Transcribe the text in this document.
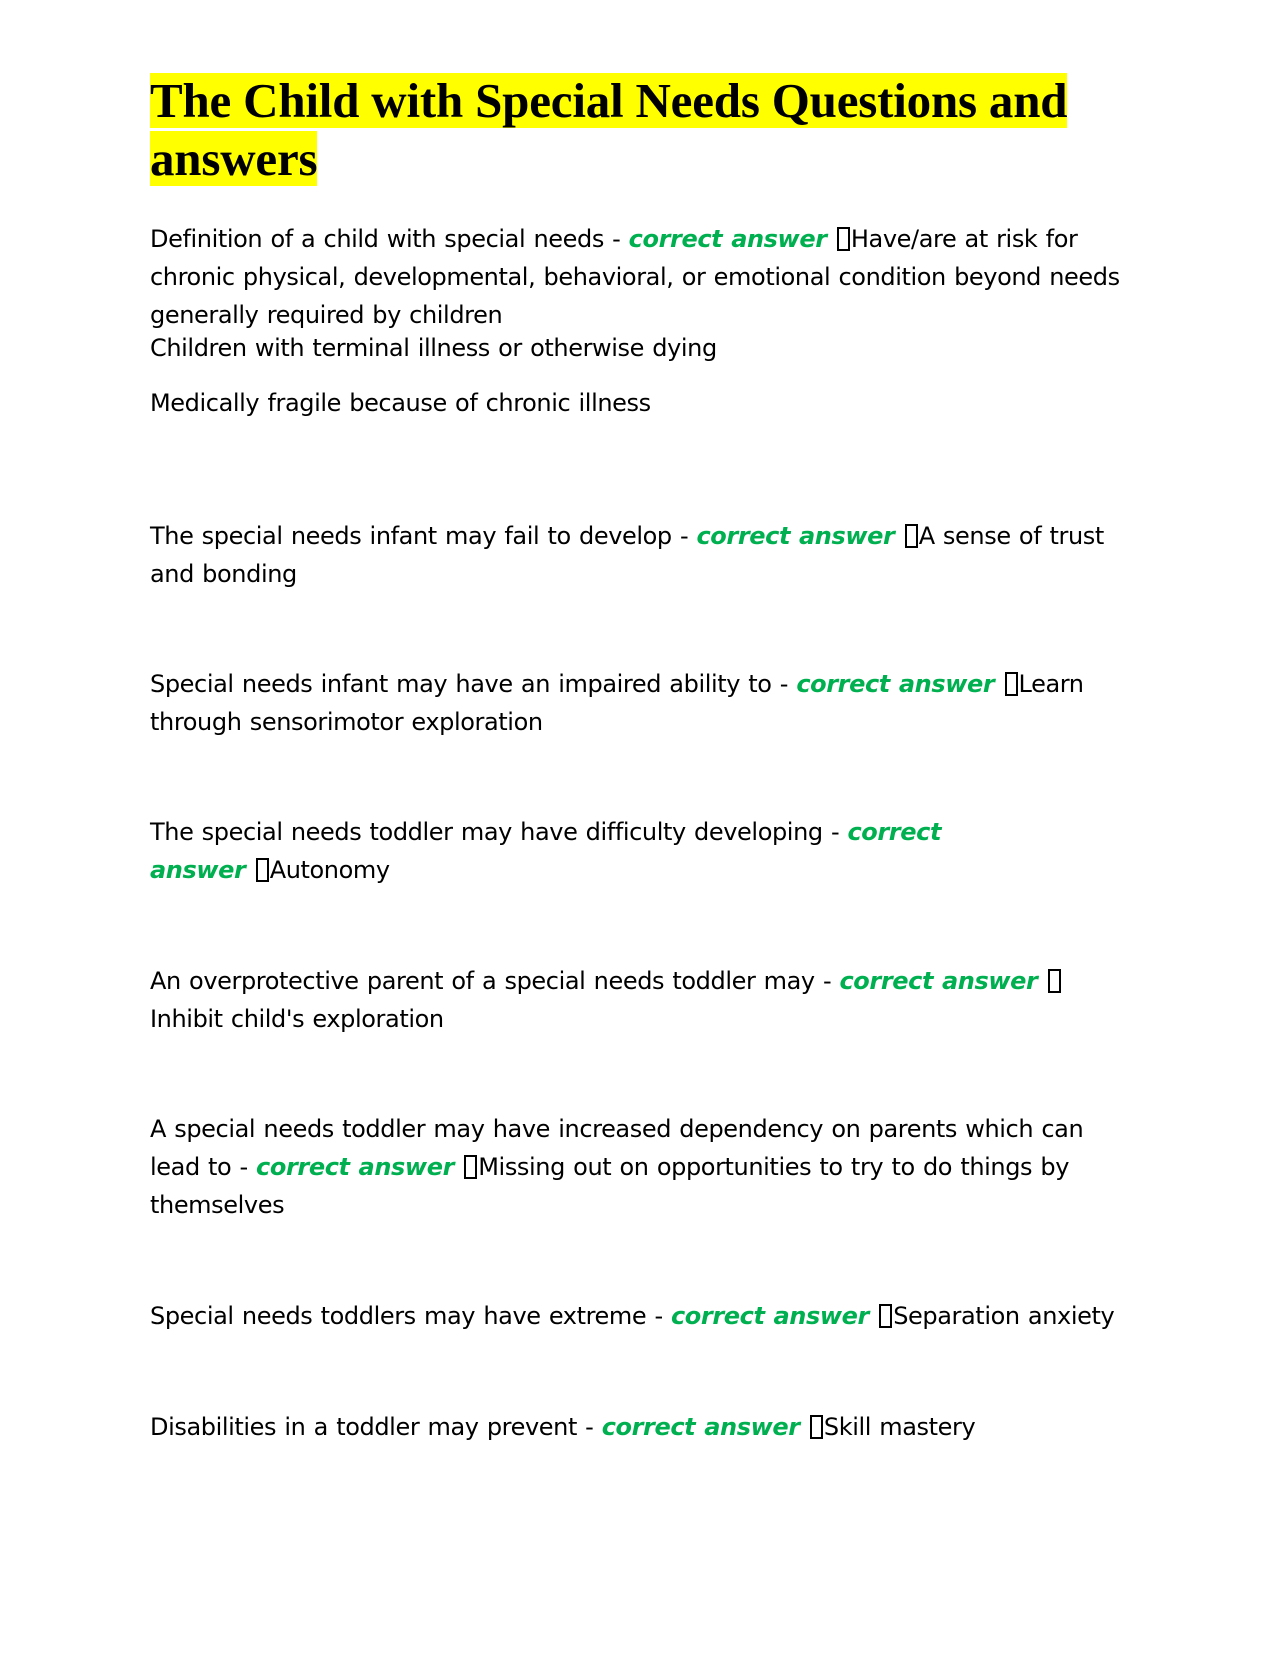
The Child with Special Needs Questions and answers

Definition of a child with special needs - correct answer Have/are at risk for chronic physical, developmental, behavioral, or emotional condition beyond needs generally required by children

Children with terminal illness or otherwise dying

Medically fragile because of chronic illness

The special needs infant may fail to develop - correct answer A sense of trust and bonding

Special needs infant may have an impaired ability to - correct answer Learn through sensorimotor exploration

The special needs toddler may have difficulty developing - correct answer Autonomy

An overprotective parent of a special needs toddler may - correct answer Inhibit child's exploration

A special needs toddler may have increased dependency on parents which can lead to - correct answer Missing out on opportunities to try to do things by themselves

Special needs toddlers may have extreme - correct answer Separation anxiety

Disabilities in a toddler may prevent - correct answer Skill mastery
